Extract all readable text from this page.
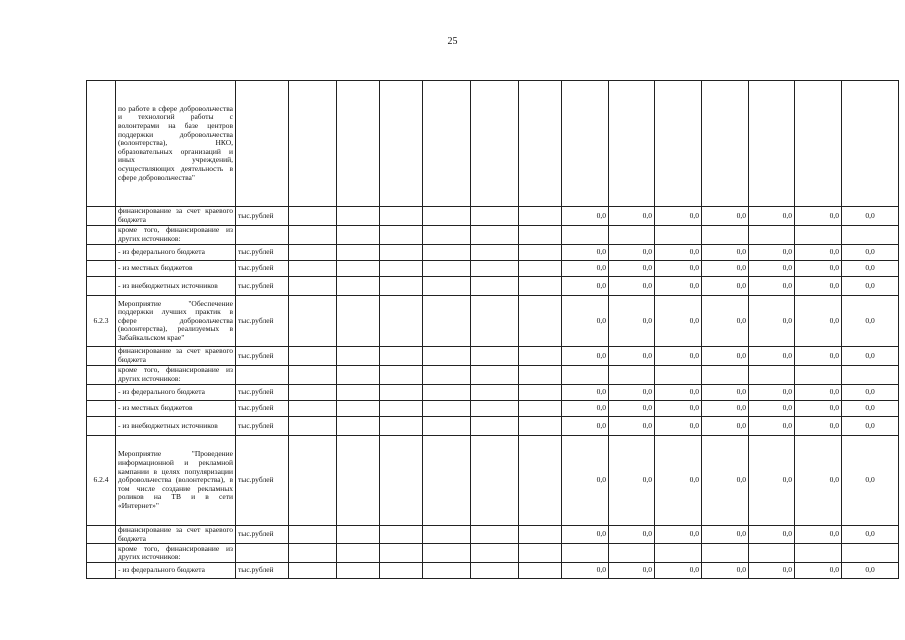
25
	по работе в сфере добровольчества и технологий работы с волонтерами на базе центров поддержки добровольчества (волонтерства), НКО, образовательных организаций и иных учреждений, осуществляющих деятельность в сфере добровольчества"														
	финансирование за счет краевого бюджета	тыс.рублей							0,0	0,0	0,0	0,0	0,0	0,0	0,0
	кроме того, финансирование из других источников:														
	- из федерального бюджета	тыс.рублей							0,0	0,0	0,0	0,0	0,0	0,0	0,0
	- из местных бюджетов	тыс.рублей							0,0	0,0	0,0	0,0	0,0	0,0	0,0
	- из внебюджетных источников	тыс.рублей							0,0	0,0	0,0	0,0	0,0	0,0	0,0
6.2.3	Мероприятие "Обеспечение поддержки лучших практик в сфере добровольчества (волонтерства), реализуемых в Забайкальском крае"	тыс.рублей							0,0	0,0	0,0	0,0	0,0	0,0	0,0
	финансирование за счет краевого бюджета	тыс.рублей							0,0	0,0	0,0	0,0	0,0	0,0	0,0
	кроме того, финансирование из других источников:														
	- из федерального бюджета	тыс.рублей							0,0	0,0	0,0	0,0	0,0	0,0	0,0
	- из местных бюджетов	тыс.рублей							0,0	0,0	0,0	0,0	0,0	0,0	0,0
	- из внебюджетных источников	тыс.рублей							0,0	0,0	0,0	0,0	0,0	0,0	0,0
6.2.4	Мероприятие "Проведение информационной и рекламной кампании в целях популяризации добровольчества (волонтерства), в том числе создание рекламных роликов на ТВ и в сети «Интернет»"	тыс.рублей							0,0	0,0	0,0	0,0	0,0	0,0	0,0
	финансирование за счет краевого бюджета	тыс.рублей							0,0	0,0	0,0	0,0	0,0	0,0	0,0
	кроме того, финансирование из других источников:														
	- из федерального бюджета	тыс.рублей							0,0	0,0	0,0	0,0	0,0	0,0	0,0
